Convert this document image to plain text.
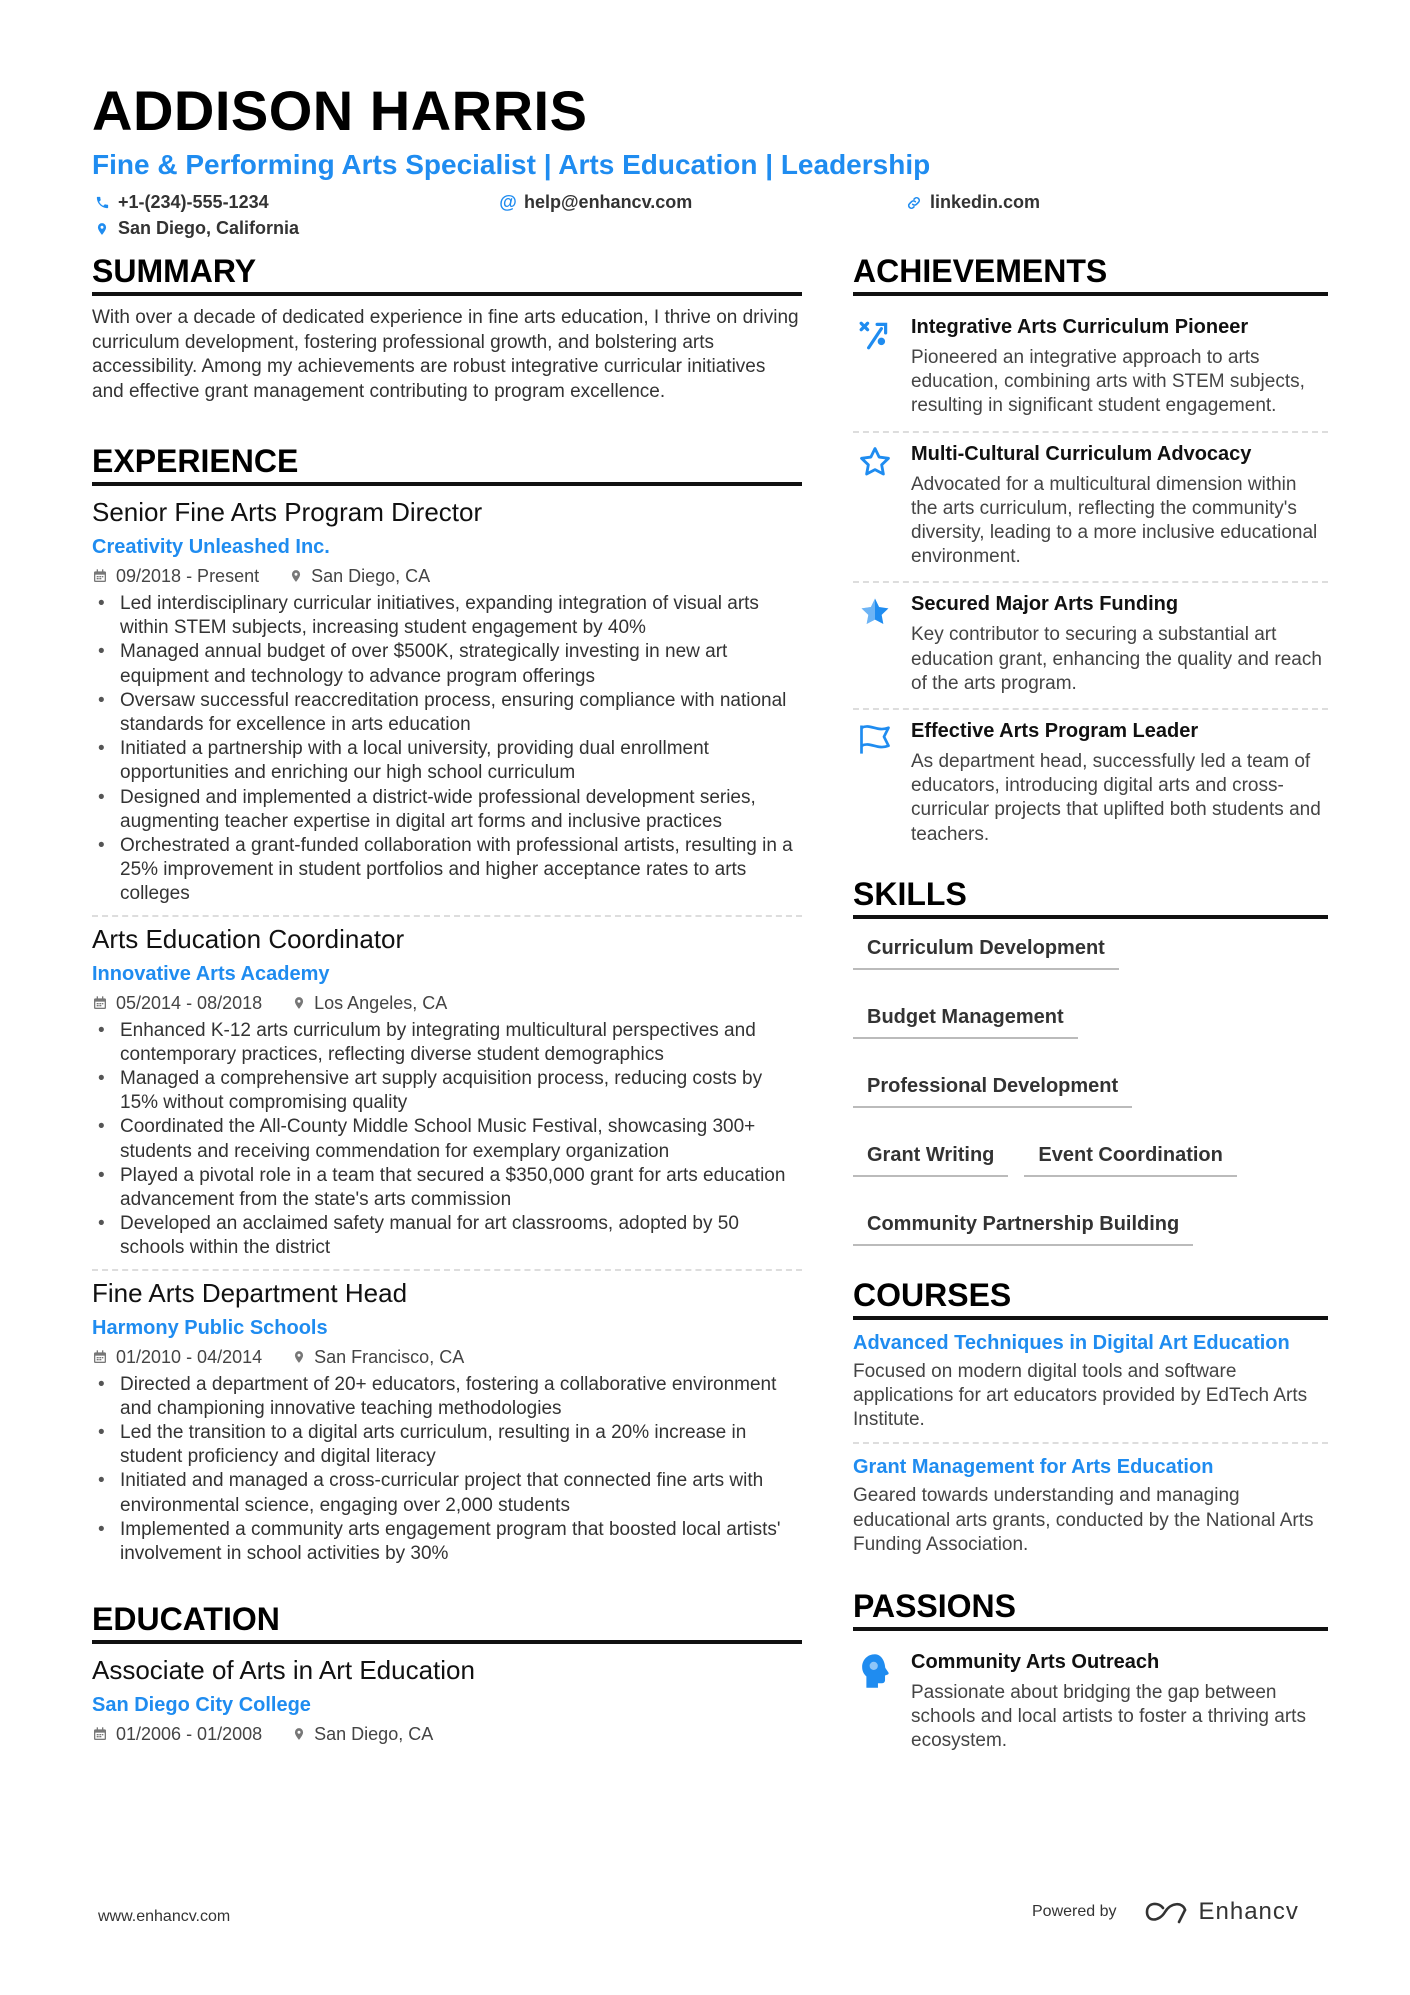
ADDISON HARRIS
Fine & Performing Arts Specialist | Arts Education | Leadership
+1-(234)-555-1234	@ help@enhancv.com	linkedin.com
San Diego, California
SUMMARY
With over a decade of dedicated experience in fine arts education, I thrive on driving curriculum development, fostering professional growth, and bolstering arts accessibility. Among my achievements are robust integrative curricular initiatives and effective grant management contributing to program excellence.
EXPERIENCE
Senior Fine Arts Program Director
Creativity Unleashed Inc.
09/2018 - Present	San Diego, CA
• Led interdisciplinary curricular initiatives, expanding integration of visual arts within STEM subjects, increasing student engagement by 40%
• Managed annual budget of over $500K, strategically investing in new art equipment and technology to advance program offerings
• Oversaw successful reaccreditation process, ensuring compliance with national standards for excellence in arts education
• Initiated a partnership with a local university, providing dual enrollment opportunities and enriching our high school curriculum
• Designed and implemented a district-wide professional development series, augmenting teacher expertise in digital art forms and inclusive practices
• Orchestrated a grant-funded collaboration with professional artists, resulting in a 25% improvement in student portfolios and higher acceptance rates to arts colleges
Arts Education Coordinator
Innovative Arts Academy
05/2014 - 08/2018	Los Angeles, CA
• Enhanced K-12 arts curriculum by integrating multicultural perspectives and contemporary practices, reflecting diverse student demographics
• Managed a comprehensive art supply acquisition process, reducing costs by 15% without compromising quality
• Coordinated the All-County Middle School Music Festival, showcasing 300+ students and receiving commendation for exemplary organization
• Played a pivotal role in a team that secured a $350,000 grant for arts education advancement from the state's arts commission
• Developed an acclaimed safety manual for art classrooms, adopted by 50 schools within the district
Fine Arts Department Head
Harmony Public Schools
01/2010 - 04/2014	San Francisco, CA
• Directed a department of 20+ educators, fostering a collaborative environment and championing innovative teaching methodologies
• Led the transition to a digital arts curriculum, resulting in a 20% increase in student proficiency and digital literacy
• Initiated and managed a cross-curricular project that connected fine arts with environmental science, engaging over 2,000 students
• Implemented a community arts engagement program that boosted local artists' involvement in school activities by 30%
EDUCATION
Associate of Arts in Art Education
San Diego City College
01/2006 - 01/2008	San Diego, CA
ACHIEVEMENTS
Integrative Arts Curriculum Pioneer
Pioneered an integrative approach to arts education, combining arts with STEM subjects, resulting in significant student engagement.
Multi-Cultural Curriculum Advocacy
Advocated for a multicultural dimension within the arts curriculum, reflecting the community's diversity, leading to a more inclusive educational environment.
Secured Major Arts Funding
Key contributor to securing a substantial art education grant, enhancing the quality and reach of the arts program.
Effective Arts Program Leader
As department head, successfully led a team of educators, introducing digital arts and cross-curricular projects that uplifted both students and teachers.
SKILLS
Curriculum Development
Budget Management
Professional Development
Grant Writing	Event Coordination
Community Partnership Building
COURSES
Advanced Techniques in Digital Art Education
Focused on modern digital tools and software applications for art educators provided by EdTech Arts Institute.
Grant Management for Arts Education
Geared towards understanding and managing educational arts grants, conducted by the National Arts Funding Association.
PASSIONS
Community Arts Outreach
Passionate about bridging the gap between schools and local artists to foster a thriving arts ecosystem.
www.enhancv.com	Powered by	Enhancv
